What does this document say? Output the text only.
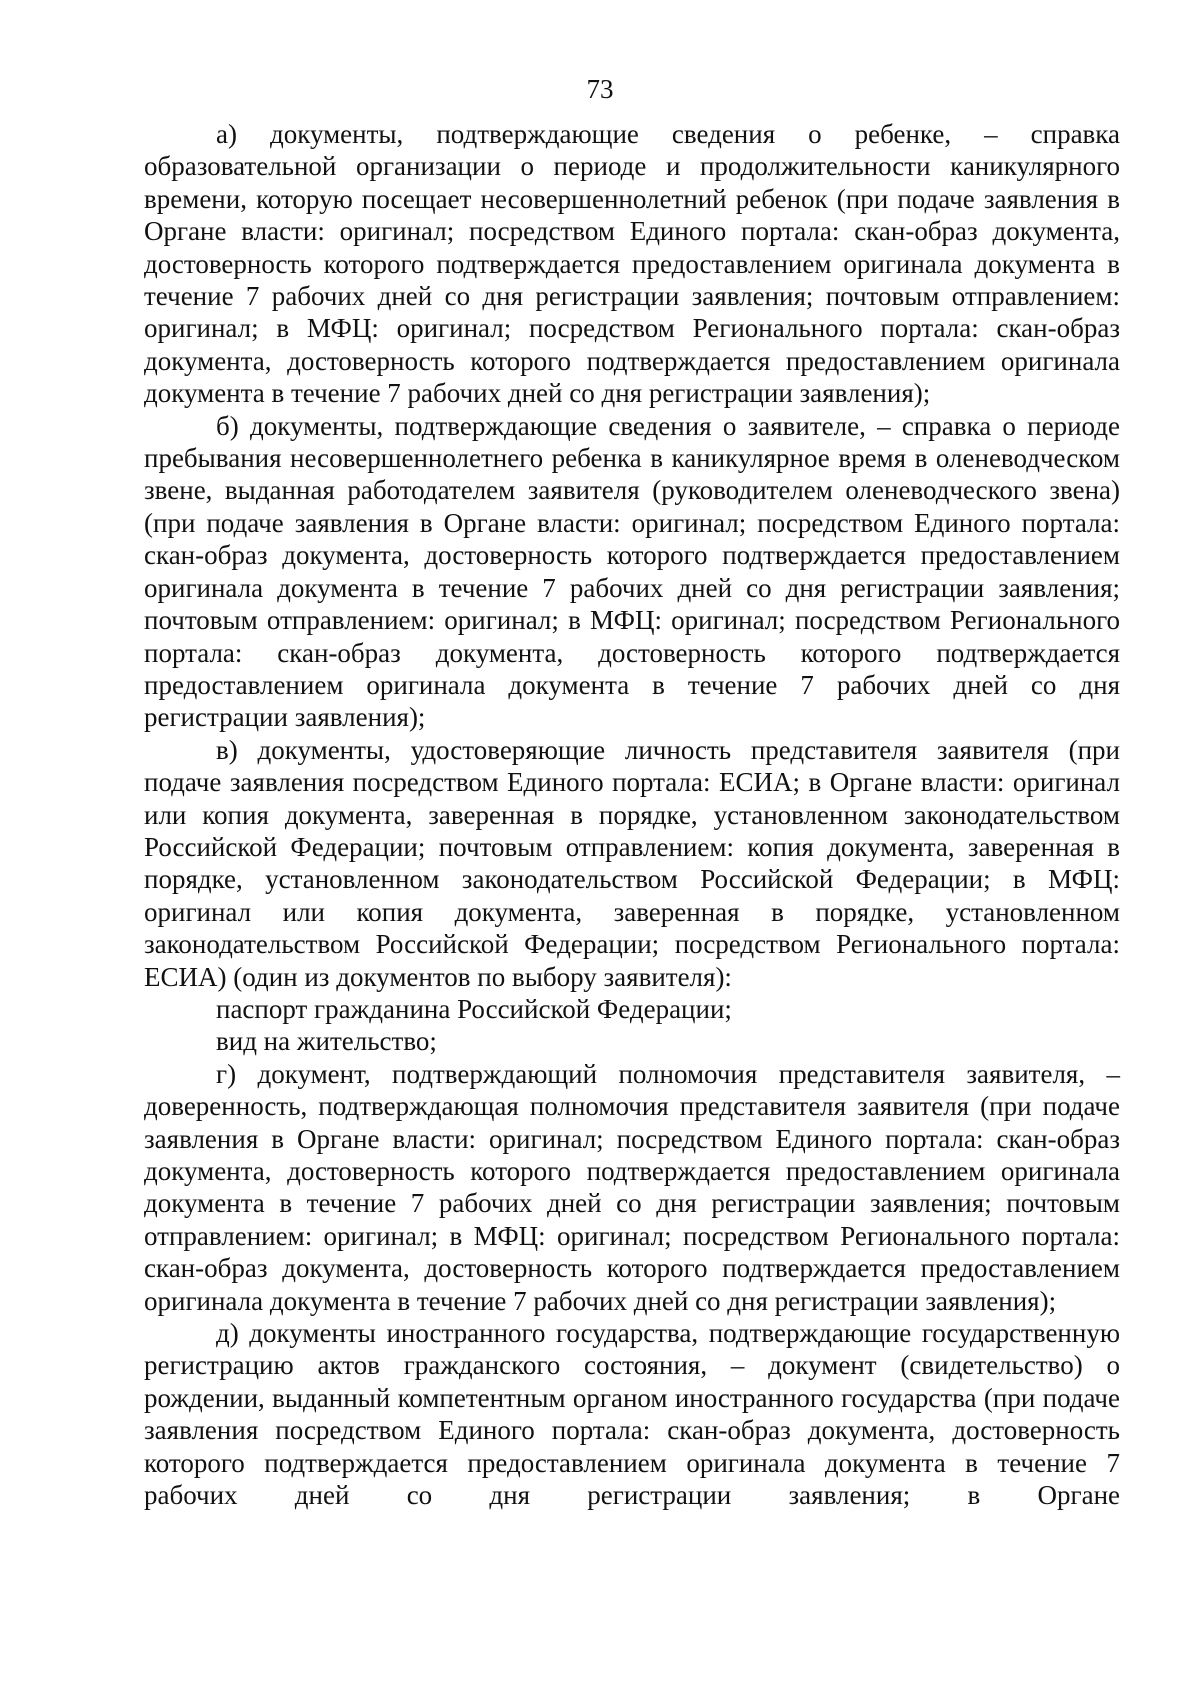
73

а) документы, подтверждающие сведения о ребенке, – справка образовательной организации о периоде и продолжительности каникулярного времени, которую посещает несовершеннолетний ребенок (при подаче заявления в Органе власти: оригинал; посредством Единого портала: скан-образ документа, достоверность которого подтверждается предоставлением оригинала документа в течение 7 рабочих дней со дня регистрации заявления; почтовым отправлением: оригинал; в МФЦ: оригинал; посредством Регионального портала: скан-образ документа, достоверность которого подтверждается предоставлением оригинала документа в течение 7 рабочих дней со дня регистрации заявления);

б) документы, подтверждающие сведения о заявителе, – справка о периоде пребывания несовершеннолетнего ребенка в каникулярное время в оленеводческом звене, выданная работодателем заявителя (руководителем оленеводческого звена) (при подаче заявления в Органе власти: оригинал; посредством Единого портала: скан-образ документа, достоверность которого подтверждается предоставлением оригинала документа в течение 7 рабочих дней со дня регистрации заявления; почтовым отправлением: оригинал; в МФЦ: оригинал; посредством Регионального портала: скан-образ документа, достоверность которого подтверждается предоставлением оригинала документа в течение 7 рабочих дней со дня регистрации заявления);

в) документы, удостоверяющие личность представителя заявителя (при подаче заявления посредством Единого портала: ЕСИА; в Органе власти: оригинал или копия документа, заверенная в порядке, установленном законодательством Российской Федерации; почтовым отправлением: копия документа, заверенная в порядке, установленном законодательством Российской Федерации; в МФЦ: оригинал или копия документа, заверенная в порядке, установленном законодательством Российской Федерации; посредством Регионального портала: ЕСИА) (один из документов по выбору заявителя):

паспорт гражданина Российской Федерации;

вид на жительство;

г) документ, подтверждающий полномочия представителя заявителя, – доверенность, подтверждающая полномочия представителя заявителя (при подаче заявления в Органе власти: оригинал; посредством Единого портала: скан-образ документа, достоверность которого подтверждается предоставлением оригинала документа в течение 7 рабочих дней со дня регистрации заявления; почтовым отправлением: оригинал; в МФЦ: оригинал; посредством Регионального портала: скан-образ документа, достоверность которого подтверждается предоставлением оригинала документа в течение 7 рабочих дней со дня регистрации заявления);

д) документы иностранного государства, подтверждающие государственную регистрацию актов гражданского состояния, – документ (свидетельство) о рождении, выданный компетентным органом иностранного государства (при подаче заявления посредством Единого портала: скан-образ документа, достоверность которого подтверждается предоставлением оригинала документа в течение 7 рабочих дней со дня регистрации заявления; в Органе
